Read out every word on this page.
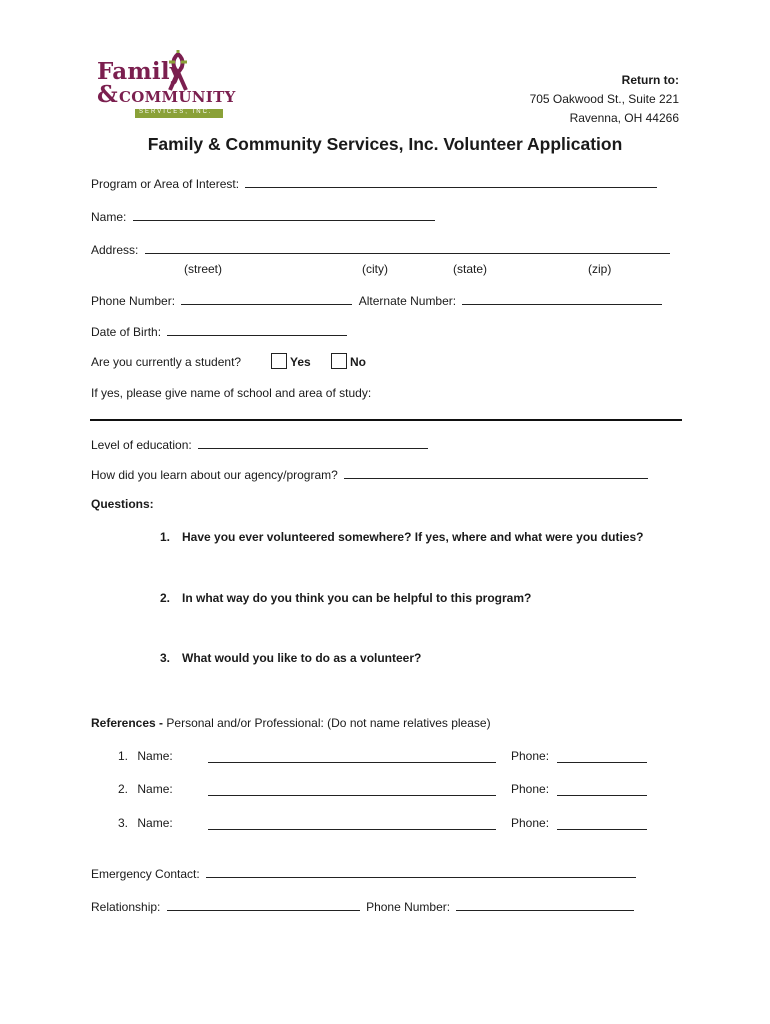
Family
& COMMUNITY
SERVICES, INC.
Return to:
705 Oakwood St., Suite 221
Ravenna, OH 44266
Family & Community Services, Inc. Volunteer Application
Program or Area of Interest:
Name:
Address:
(street)	(city)	(state)	(zip)
Phone Number:	Alternate Number:
Date of Birth:
Are you currently a student?	Yes	No
If yes, please give name of school and area of study:
Level of education:
How did you learn about our agency/program?
Questions:
1. Have you ever volunteered somewhere? If yes, where and what were you duties?
2. In what way do you think you can be helpful to this program?
3. What would you like to do as a volunteer?
References - Personal and/or Professional: (Do not name relatives please)
1. Name:	Phone:
2. Name:	Phone:
3. Name:	Phone:
Emergency Contact:
Relationship:	Phone Number:
